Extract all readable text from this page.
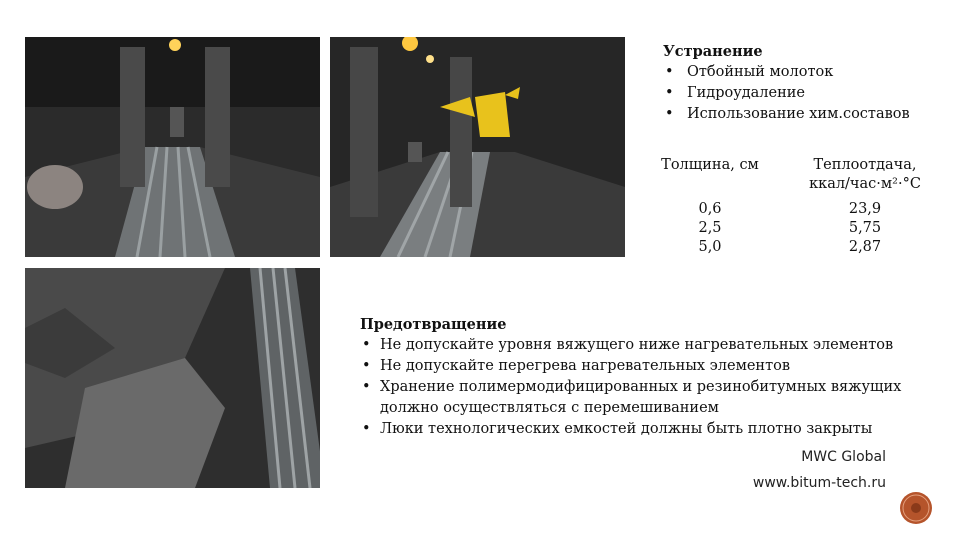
Устранение

• Отбойный молоток
• Гидроудаление
• Использование хим.составов
Толщина, см
0,6
2,5
5,0
Теплоотдача,
ккал/час·м²·°С
23,9
5,75
2,87

Предотвращение

• Не допускайте уровня вяжущего ниже нагревательных элементов
• Не допускайте перегрева нагревательных элементов
• Хранение полимермодифицированных и резинобитумных вяжущих должно осуществляться с перемешиванием
• Люки технологических емкостей должны быть плотно закрыты
MWC Global
www.bitum-tech.ru
